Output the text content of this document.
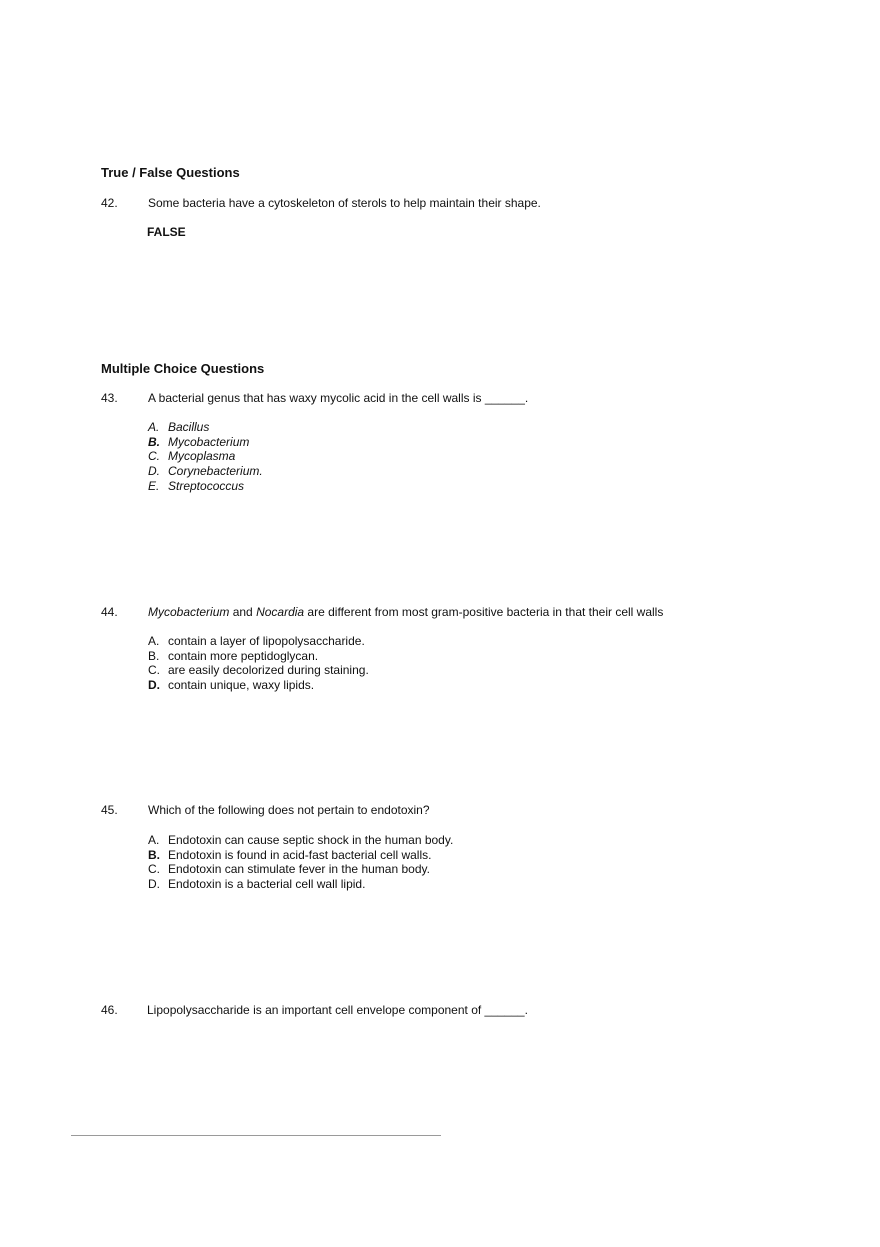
True / False Questions
42.	Some bacteria have a cytoskeleton of sterols to help maintain their shape.
FALSE
Multiple Choice Questions
43.	A bacterial genus that has waxy mycolic acid in the cell walls is ______.
A. Bacillus
B. Mycobacterium
C. Mycoplasma
D. Corynebacterium.
E. Streptococcus
44.	Mycobacterium and Nocardia are different from most gram-positive bacteria in that their cell walls
A. contain a layer of lipopolysaccharide.
B. contain more peptidoglycan.
C. are easily decolorized during staining.
D. contain unique, waxy lipids.
45.	Which of the following does not pertain to endotoxin?
A. Endotoxin can cause septic shock in the human body.
B. Endotoxin is found in acid-fast bacterial cell walls.
C. Endotoxin can stimulate fever in the human body.
D. Endotoxin is a bacterial cell wall lipid.
46. Lipopolysaccharide is an important cell envelope component of ______.
